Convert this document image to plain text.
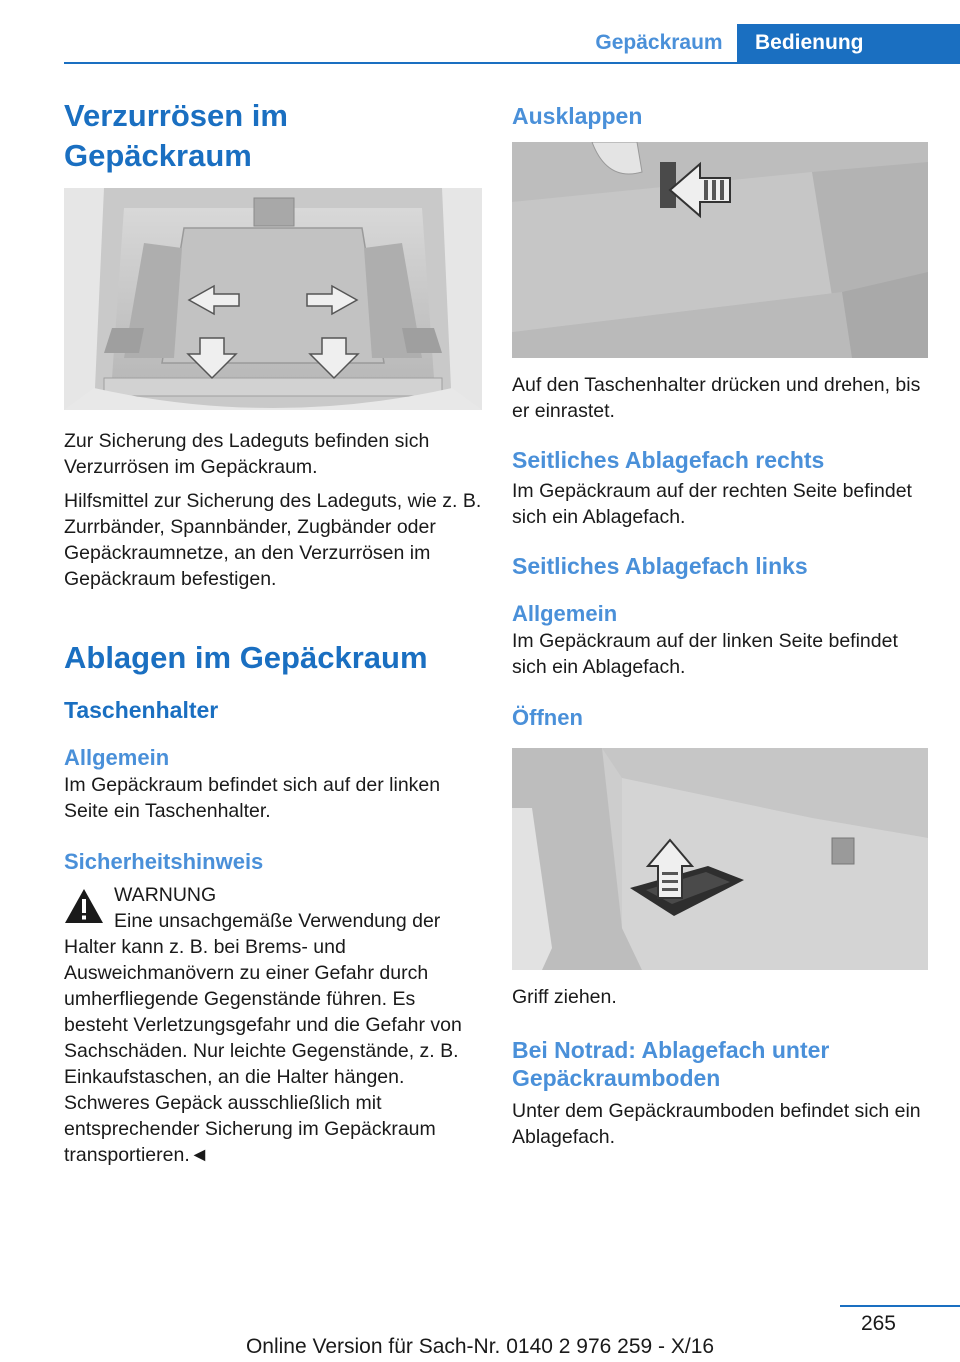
Gepäckraum	Bedienung
Verzurrösen im Gepäckraum

Zur Sicherung des Ladeguts befinden sich Verzurrösen im Gepäckraum.

Hilfsmittel zur Sicherung des Ladeguts, wie z. B. Zurrbänder, Spannbänder, Zugbänder oder Gepäckraumnetze, an den Verzurrösen im Gepäckraum befestigen.

Ablagen im Gepäckraum
Taschenhalter
Allgemein

Im Gepäckraum befindet sich auf der linken Seite ein Taschenhalter.

Sicherheitshinweis
WARNUNG
Eine unsachgemäße Verwendung der Halter kann z. B. bei Brems- und Ausweichmanövern zu einer Gefahr durch umherfliegende Gegenstände führen. Es besteht Verletzungsgefahr und die Gefahr von Sachschäden. Nur leichte Gegenstände, z. B. Einkaufstaschen, an die Halter hängen. Schweres Gepäck ausschließlich mit entsprechender Sicherung im Gepäckraum transportieren.◄
Ausklappen

Auf den Taschenhalter drücken und drehen, bis er einrastet.

Seitliches Ablagefach rechts

Im Gepäckraum auf der rechten Seite befindet sich ein Ablagefach.

Seitliches Ablagefach links
Allgemein

Im Gepäckraum auf der linken Seite befindet sich ein Ablagefach.

Öffnen

Griff ziehen.

Bei Notrad: Ablagefach unter Gepäckraumboden

Unter dem Gepäckraumboden befindet sich ein Ablagefach.

265
Online Version für Sach-Nr. 0140 2 976 259 - X/16
